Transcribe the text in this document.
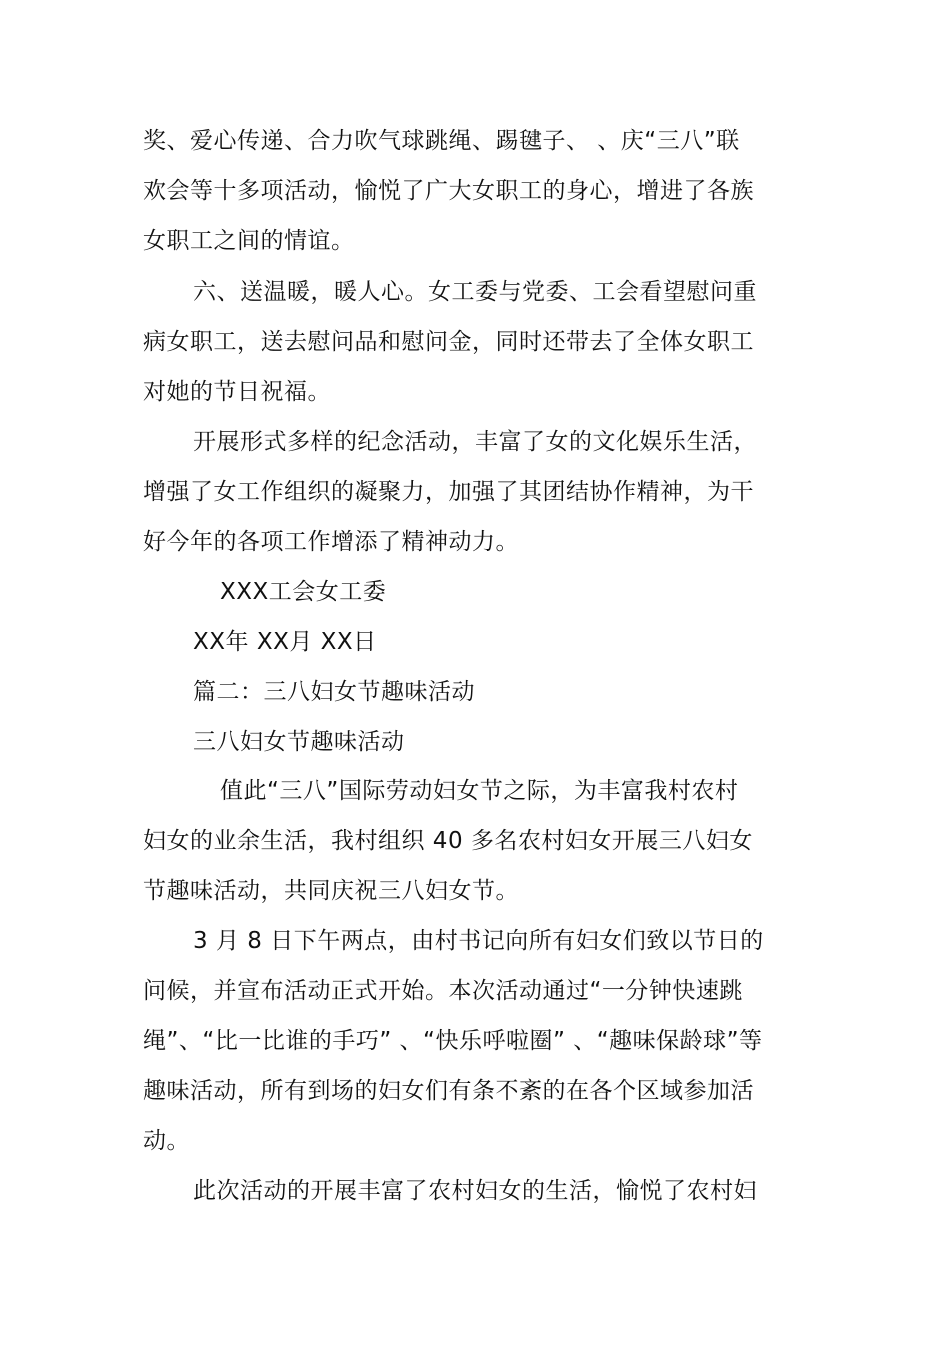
奖、爱心传递、合力吹气球跳绳、踢毽子、 、庆“三八”联
欢会等十多项活动，愉悦了广大女职工的身心，增进了各族
女职工之间的情谊。
六、送温暖，暖人心。女工委与党委、工会看望慰问重
病女职工，送去慰问品和慰问金，同时还带去了全体女职工
对她的节日祝福。
开展形式多样的纪念活动，丰富了女的文化娱乐生活，
增强了女工作组织的凝聚力，加强了其团结协作精神，为干
好今年的各项工作增添了精神动力。
XXX工会女工委
XX年 XX月 XX日
篇二：三八妇女节趣味活动
三八妇女节趣味活动
值此“三八”国际劳动妇女节之际，为丰富我村农村
妇女的业余生活，我村组织 40 多名农村妇女开展三八妇女
节趣味活动，共同庆祝三八妇女节。
3 月 8 日下午两点，由村书记向所有妇女们致以节日的
问候，并宣布活动正式开始。本次活动通过“一分钟快速跳
绳”、“比一比谁的手巧” 、“快乐呼啦圈” 、“趣味保龄球”等
趣味活动，所有到场的妇女们有条不紊的在各个区域参加活
动。
此次活动的开展丰富了农村妇女的生活，愉悦了农村妇
